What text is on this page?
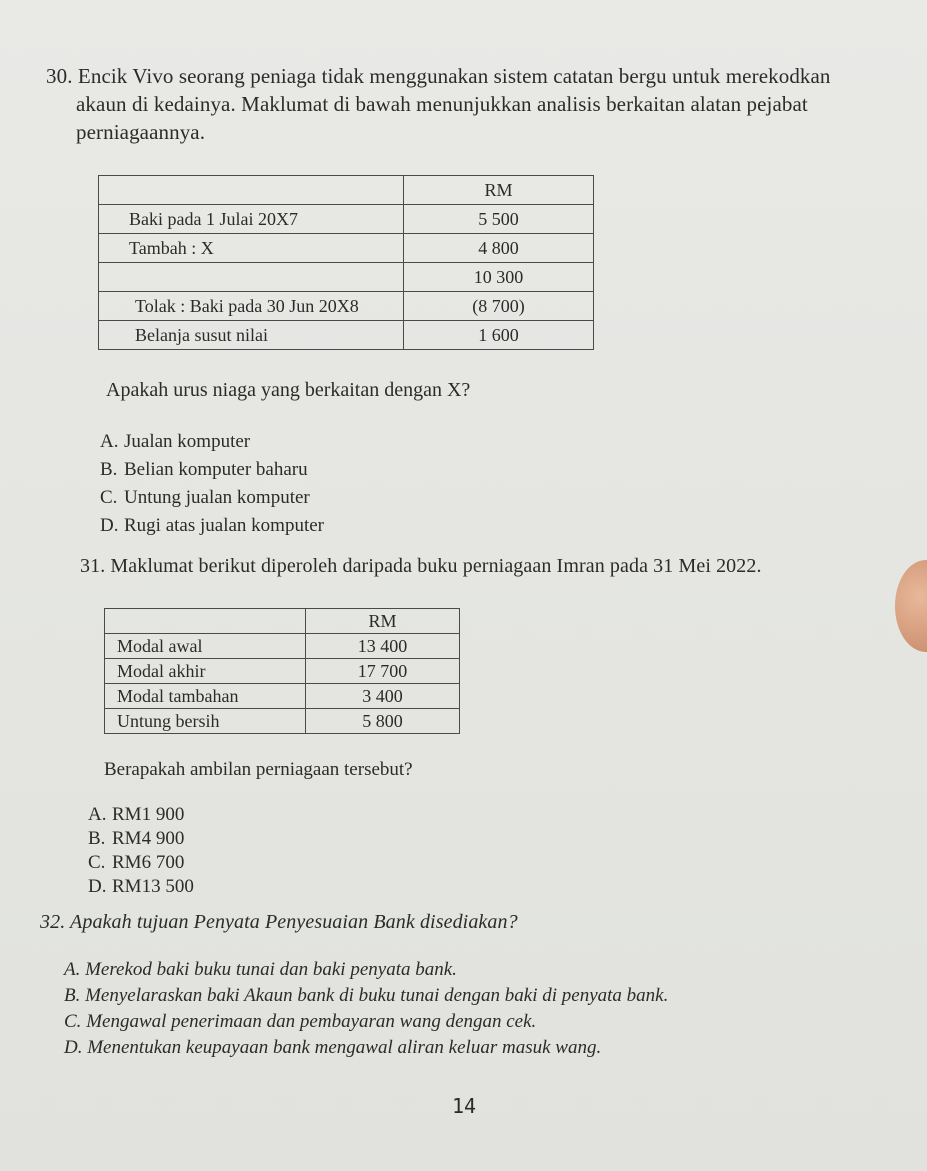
30. Encik Vivo seorang peniaga tidak menggunakan sistem catatan bergu untuk merekodkan
akaun di kedainya. Maklumat di bawah menunjukkan analisis berkaitan alatan pejabat
perniagaannya.
	RM
Baki pada 1 Julai 20X7	5 500
Tambah : X	4 800
	10 300
Tolak : Baki pada 30 Jun 20X8	(8 700)
Belanja susut nilai	1 600
Apakah urus niaga yang berkaitan dengan X?
A. Jualan komputer
B. Belian komputer baharu
C. Untung jualan komputer
D. Rugi atas jualan komputer
31. Maklumat berikut diperoleh daripada buku perniagaan Imran pada 31 Mei 2022.
	RM
Modal awal	13 400
Modal akhir	17 700
Modal tambahan	3 400
Untung bersih	5 800
Berapakah ambilan perniagaan tersebut?
A. RM1 900
B. RM4 900
C. RM6 700
D. RM13 500
32. Apakah tujuan Penyata Penyesuaian Bank disediakan?
A. Merekod baki buku tunai dan baki penyata bank.
B. Menyelaraskan baki Akaun bank di buku tunai dengan baki di penyata bank.
C. Mengawal penerimaan dan pembayaran wang dengan cek.
D. Menentukan keupayaan bank mengawal aliran keluar masuk wang.
14
